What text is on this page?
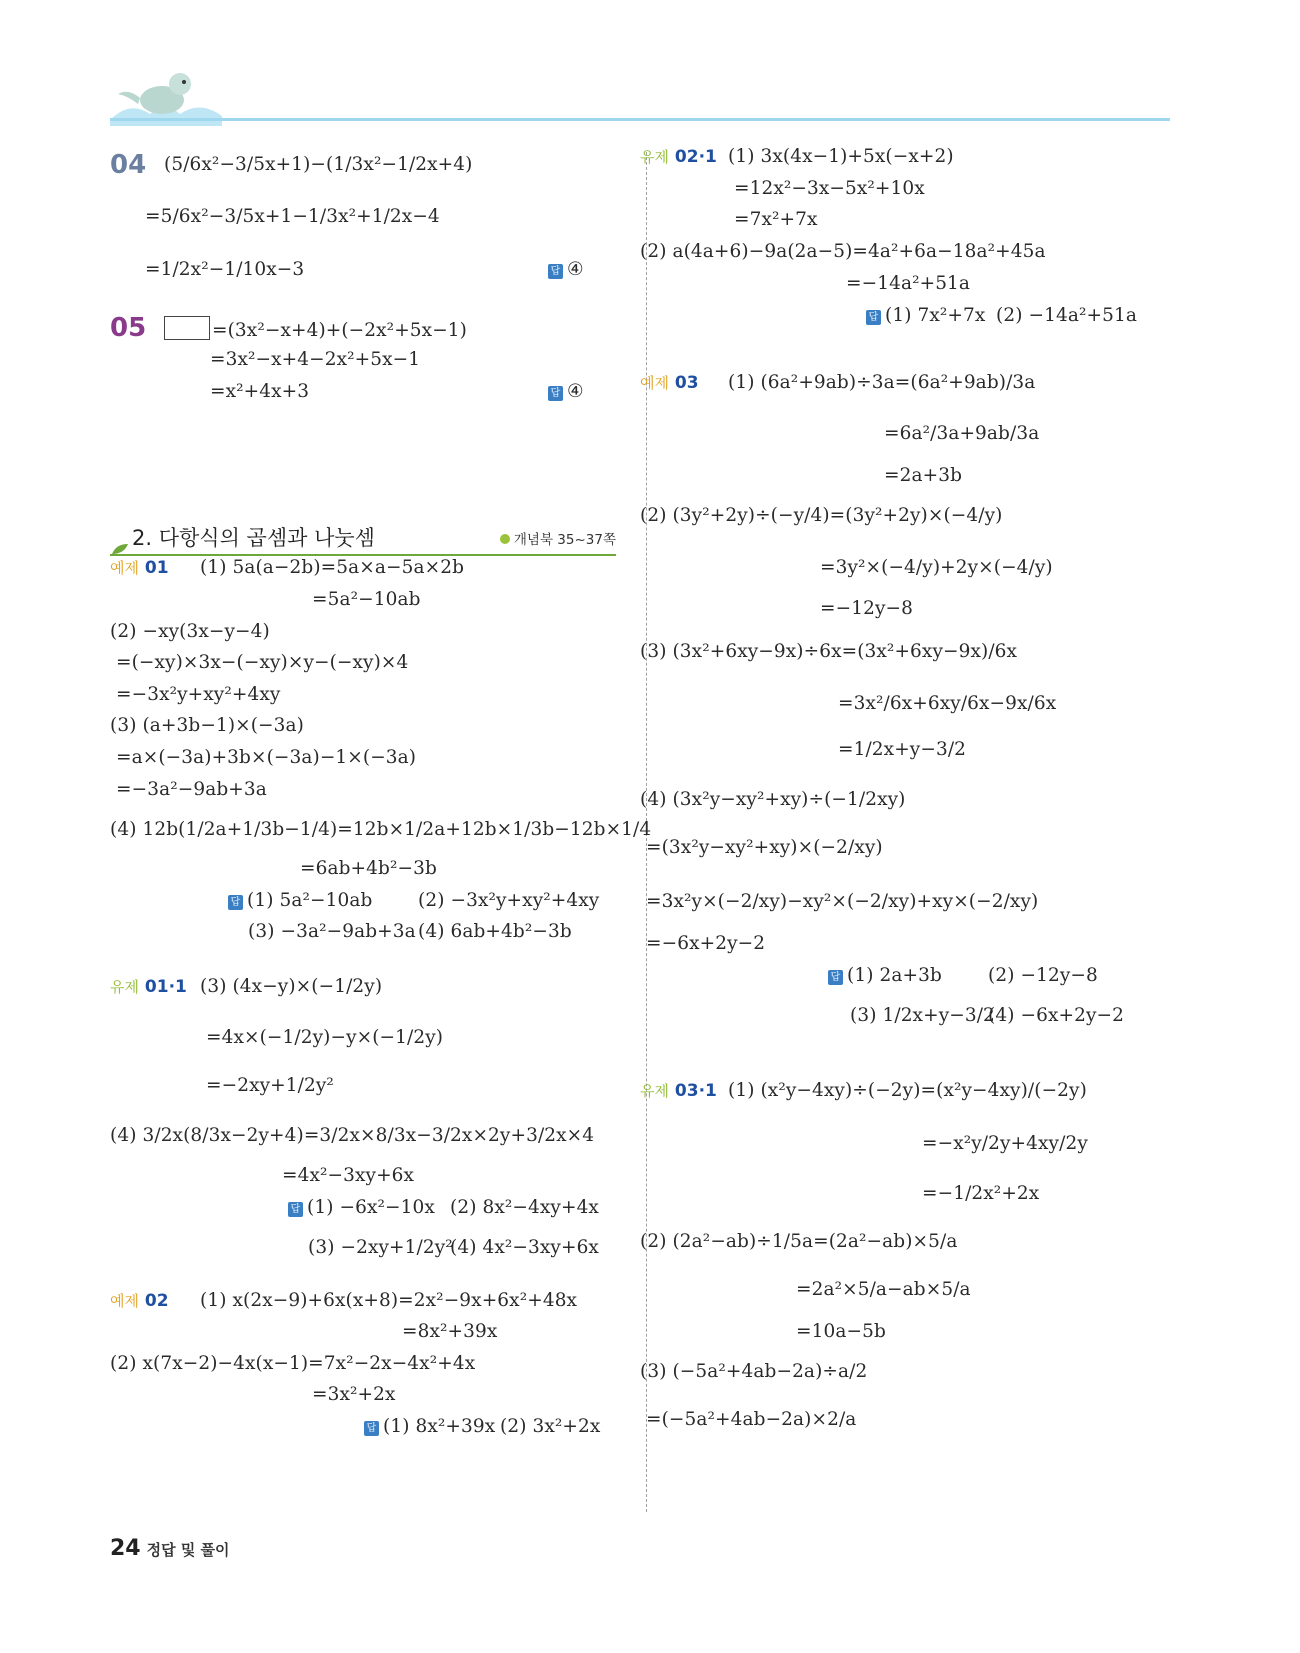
04 (5/6x²−3/5x+1)−(1/3x²−1/2x+4)
=5/6x²−3/5x+1−1/3x²+1/2x−4
=1/2x²−1/10x−3	답 ④
05	=(3x²−x+4)+(−2x²+5x−1)
=3x²−x+4−2x²+5x−1
=x²+4x+3	답 ④
2. 다항식의 곱셈과 나눗셈	개념북 35~37쪽
예제 01 (1) 5a(a−2b)=5a×a−5a×2b
=5a²−10ab
(2) −xy(3x−y−4)
=(−xy)×3x−(−xy)×y−(−xy)×4
=−3x²y+xy²+4xy
(3) (a+3b−1)×(−3a)
=a×(−3a)+3b×(−3a)−1×(−3a)
=−3a²−9ab+3a
(4) 12b(1/2a+1/3b−1/4)=12b×1/2a+12b×1/3b−12b×1/4
=6ab+4b²−3b
답 (1) 5a²−10ab (2) −3x²y+xy²+4xy
(3) −3a²−9ab+3a (4) 6ab+4b²−3b
유제 01·1 (3) (4x−y)×(−1/2y)
=4x×(−1/2y)−y×(−1/2y)
=−2xy+1/2y²
(4) 3/2x(8/3x−2y+4)=3/2x×8/3x−3/2x×2y+3/2x×4
=4x²−3xy+6x
답 (1) −6x²−10x (2) 8x²−4xy+4x
(3) −2xy+1/2y²
(4) 4x²−3xy+6x
예제 02 (1) x(2x−9)+6x(x+8)=2x²−9x+6x²+48x
=8x²+39x
(2) x(7x−2)−4x(x−1)=7x²−2x−4x²+4x
=3x²+2x
답 (1) 8x²+39x (2) 3x²+2x
유제 02·1 (1) 3x(4x−1)+5x(−x+2)
=12x²−3x−5x²+10x
=7x²+7x
(2) a(4a+6)−9a(2a−5)=4a²+6a−18a²+45a
=−14a²+51a
답 (1) 7x²+7x (2) −14a²+51a
예제 03 (1) (6a²+9ab)÷3a=(6a²+9ab)/3a
=6a²/3a+9ab/3a
=2a+3b
(2) (3y²+2y)÷(−y/4)=(3y²+2y)×(−4/y)
=3y²×(−4/y)+2y×(−4/y)
=−12y−8
(3) (3x²+6xy−9x)÷6x=(3x²+6xy−9x)/6x
=3x²/6x+6xy/6x−9x/6x
=1/2x+y−3/2
(4) (3x²y−xy²+xy)÷(−1/2xy)
=(3x²y−xy²+xy)×(−2/xy)
=3x²y×(−2/xy)−xy²×(−2/xy)+xy×(−2/xy)
=−6x+2y−2
답 (1) 2a+3b (2) −12y−8
(3) 1/2x+y−3/2
(4) −6x+2y−2
유제 03·1 (1) (x²y−4xy)÷(−2y)=(x²y−4xy)/(−2y)
=−x²y/2y+4xy/2y
=−1/2x²+2x
(2) (2a²−ab)÷1/5a=(2a²−ab)×5/a
=2a²×5/a−ab×5/a
=10a−5b
(3) (−5a²+4ab−2a)÷a/2
=(−5a²+4ab−2a)×2/a
24 정답 및 풀이
